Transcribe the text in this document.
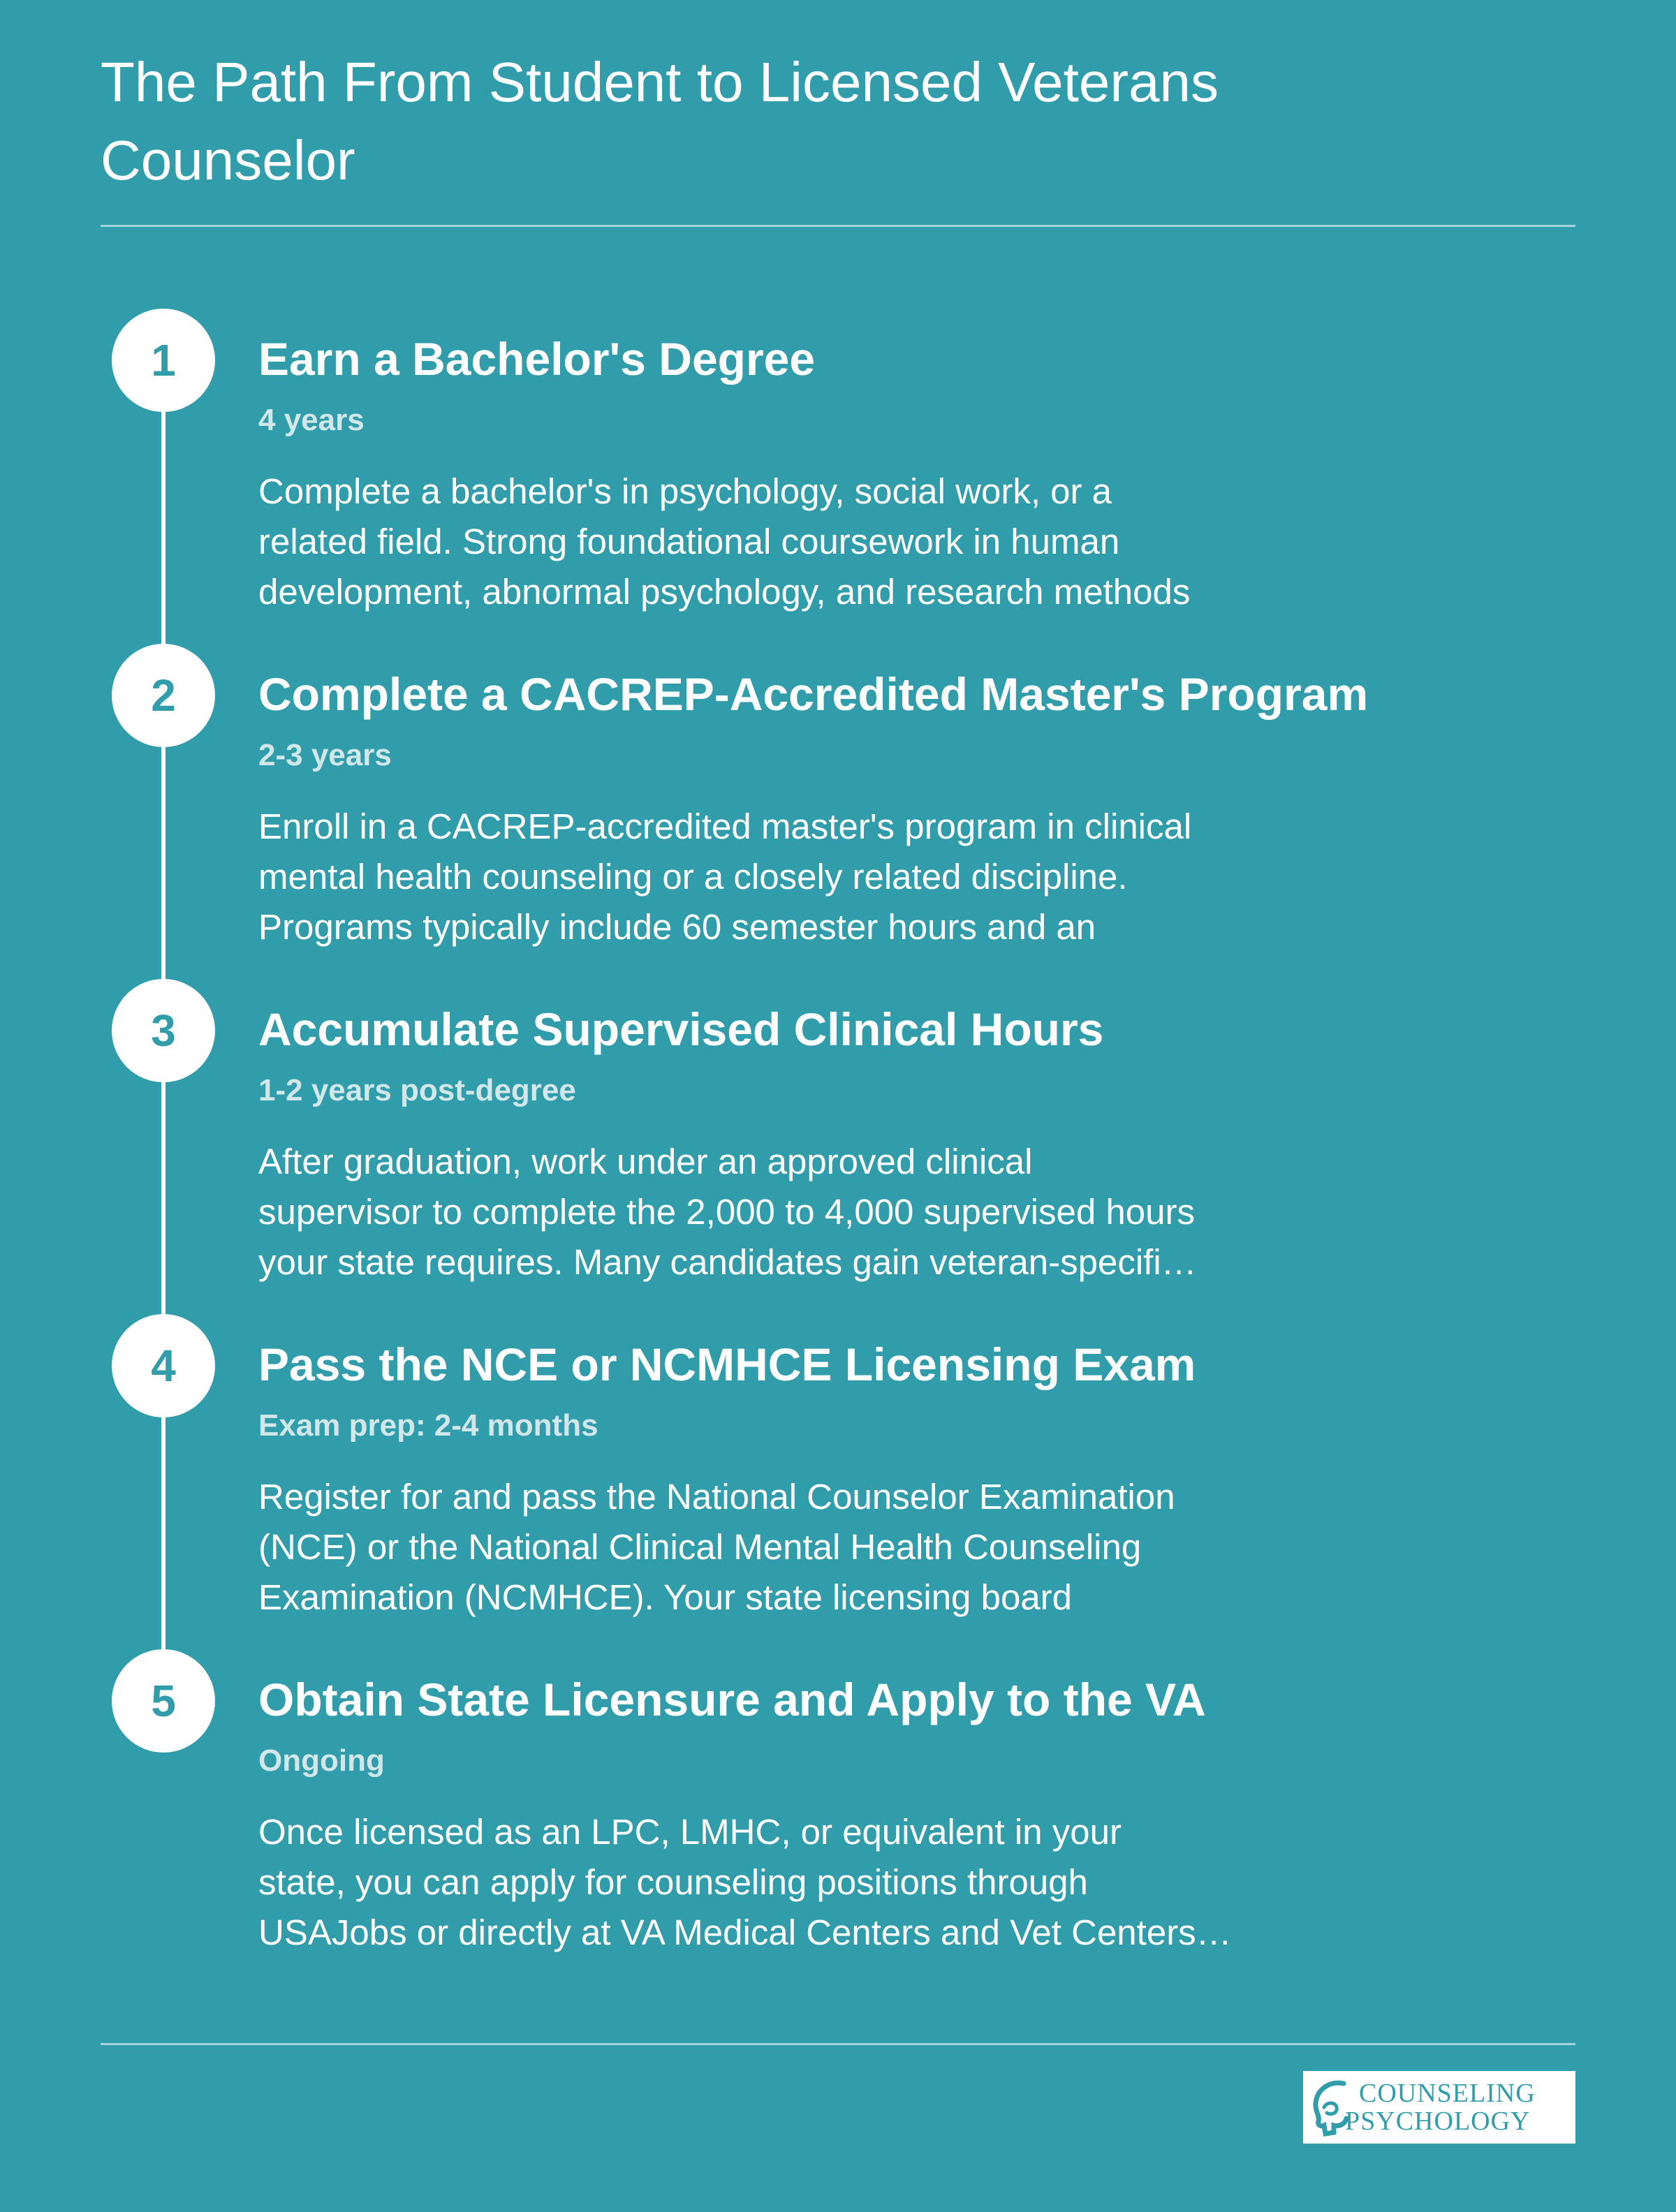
The Path From Student to Licensed Veterans
Counselor
1	Earn a Bachelor's Degree
4 years

Complete a bachelor's in psychology, social work, or a
related field. Strong foundational coursework in human
development, abnormal psychology, and research methods

2	Complete a CACREP-Accredited Master's Program
2-3 years

Enroll in a CACREP-accredited master's program in clinical
mental health counseling or a closely related discipline.
Programs typically include 60 semester hours and an

3	Accumulate Supervised Clinical Hours
1-2 years post-degree

After graduation, work under an approved clinical
supervisor to complete the 2,000 to 4,000 supervised hours
your state requires. Many candidates gain veteran-specifi…

4	Pass the NCE or NCMHCE Licensing Exam
Exam prep: 2-4 months

Register for and pass the National Counselor Examination
(NCE) or the National Clinical Mental Health Counseling
Examination (NCMHCE). Your state licensing board

5	Obtain State Licensure and Apply to the VA
Ongoing

Once licensed as an LPC, LMHC, or equivalent in your
state, you can apply for counseling positions through
USAJobs or directly at VA Medical Centers and Vet Centers…

COUNSELING
PSYCHOLOGY
